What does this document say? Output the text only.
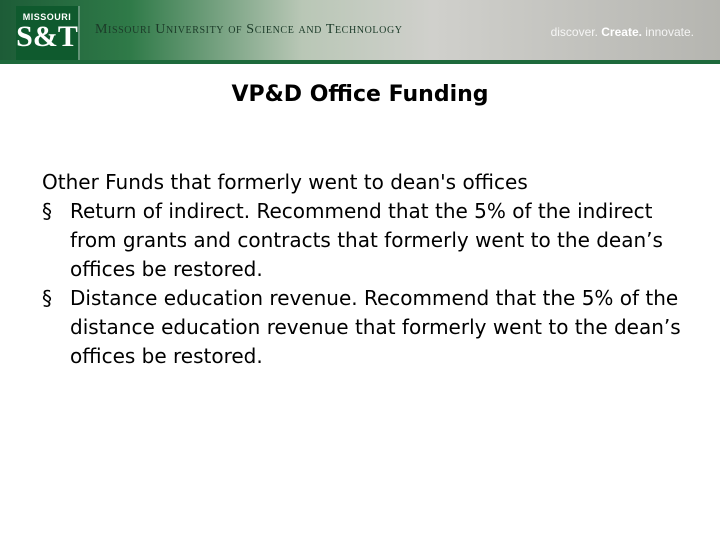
MISSOURI
S&T Missouri University of Science and Technology	discover. Create. innovate.
VP&D Office Funding

Other Funds that formerly went to dean's offices

§ Return of indirect. Recommend that the 5% of the indirect from grants and contracts that formerly went to the dean’s offices be restored.
§ Distance education revenue. Recommend that the 5% of the distance education revenue that formerly went to the dean’s offices be restored.
